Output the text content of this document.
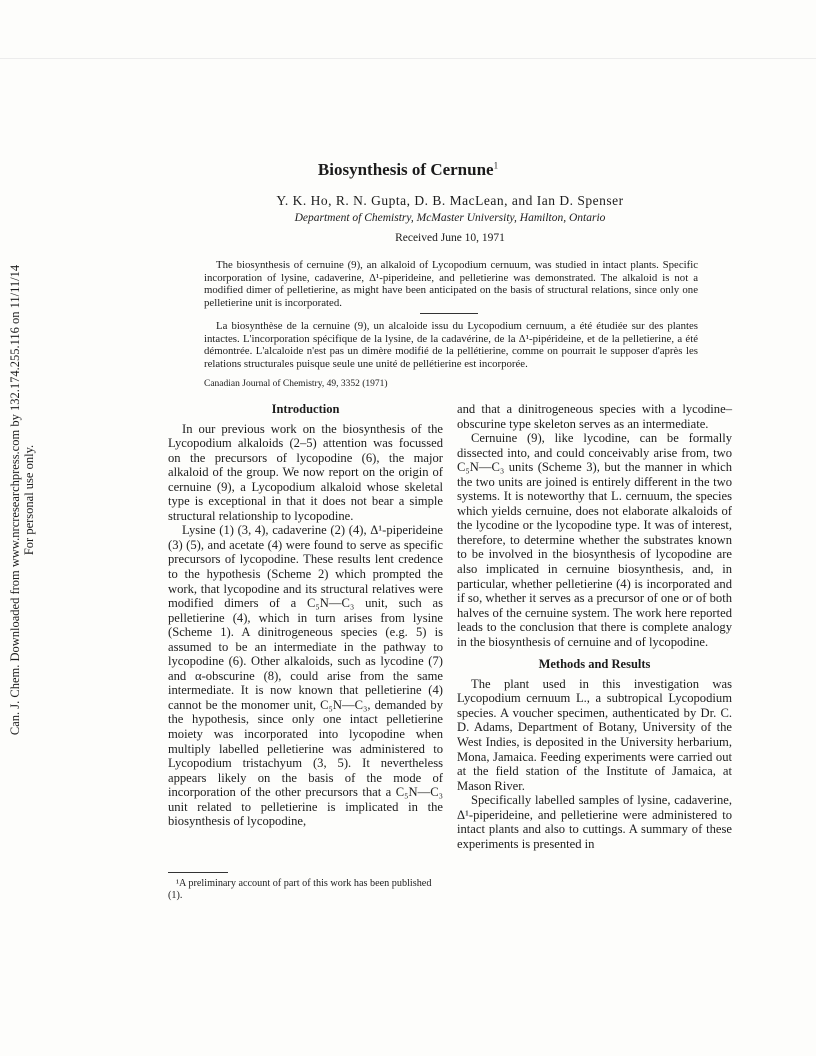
Can. J. Chem. Downloaded from www.nrcresearchpress.com by 132.174.255.116 on 11/11/14 For personal use only.
Biosynthesis of Cernune$^1$
Y. K. Ho, R. N. Gupta, D. B. MacLean, and Ian D. Spenser
Department of Chemistry, McMaster University, Hamilton, Ontario
Received June 10, 1971

The biosynthesis of cernuine (9), an alkaloid of Lycopodium cernuum, was studied in intact plants. Specific incorporation of lysine, cadaverine, Δ¹-piperideine, and pelletierine was demonstrated. The alkaloid is not a modified dimer of pelletierine, as might have been anticipated on the basis of structural relations, since only one pelletierine unit is incorporated.

La biosynthèse de la cernuine (9), un alcaloide issu du Lycopodium cernuum, a été étudiée sur des plantes intactes. L'incorporation spécifique de la lysine, de la cadavérine, de la Δ¹-pipérideine, et de la pelletierine, a été démontrée. L'alcaloide n'est pas un dimère modifié de la pellétierine, comme on pourrait le supposer d'après les relations structurales puisque seule une unité de pellétierine est incorporée.

Canadian Journal of Chemistry, 49, 3352 (1971)
Introduction

In our previous work on the biosynthesis of the Lycopodium alkaloids (2–5) attention was focussed on the precursors of lycopodine (6), the major alkaloid of the group. We now report on the origin of cernuine (9), a Lycopodium alkaloid whose skeletal type is exceptional in that it does not bear a simple structural relationship to lycopodine.

Lysine (1) (3, 4), cadaverine (2) (4), Δ¹-piperideine (3) (5), and acetate (4) were found to serve as specific precursors of lycopodine. These results lent credence to the hypothesis (Scheme 2) which prompted the work, that lycopodine and its structural relatives were modified dimers of a C₅N—C₃ unit, such as pelletierine (4), which in turn arises from lysine (Scheme 1). A dinitrogeneous species (e.g. 5) is assumed to be an intermediate in the pathway to lycopodine (6). Other alkaloids, such as lycodine (7) and α-obscurine (8), could arise from the same intermediate. It is now known that pelletierine (4) cannot be the monomer unit, C₅N—C₃, demanded by the hypothesis, since only one intact pelletierine moiety was incorporated into lycopodine when multiply labelled pelletierine was administered to Lycopodium tristachyum (3, 5). It nevertheless appears likely on the basis of the mode of incorporation of the other precursors that a C₅N—C₃ unit related to pelletierine is implicated in the biosynthesis of lycopodine,

¹A preliminary account of part of this work has been published (1).

and that a dinitrogeneous species with a lycodine–obscurine type skeleton serves as an intermediate.

Cernuine (9), like lycodine, can be formally dissected into, and could conceivably arise from, two C₅N—C₃ units (Scheme 3), but the manner in which the two units are joined is entirely different in the two systems. It is noteworthy that L. cernuum, the species which yields cernuine, does not elaborate alkaloids of the lycodine or the lycopodine type. It was of interest, therefore, to determine whether the substrates known to be involved in the biosynthesis of lycopodine are also implicated in cernuine biosynthesis, and, in particular, whether pelletierine (4) is incorporated and if so, whether it serves as a precursor of one or of both halves of the cernuine system. The work here reported leads to the conclusion that there is complete analogy in the biosynthesis of cernuine and of lycopodine.

Methods and Results

The plant used in this investigation was Lycopodium cernuum L., a subtropical Lycopodium species. A voucher specimen, authenticated by Dr. C. D. Adams, Department of Botany, University of the West Indies, is deposited in the University herbarium, Mona, Jamaica. Feeding experiments were carried out at the field station of the Institute of Jamaica, at Mason River.

Specifically labelled samples of lysine, cadaverine, Δ¹-piperideine, and pelletierine were administered to intact plants and also to cuttings. A summary of these experiments is presented in
